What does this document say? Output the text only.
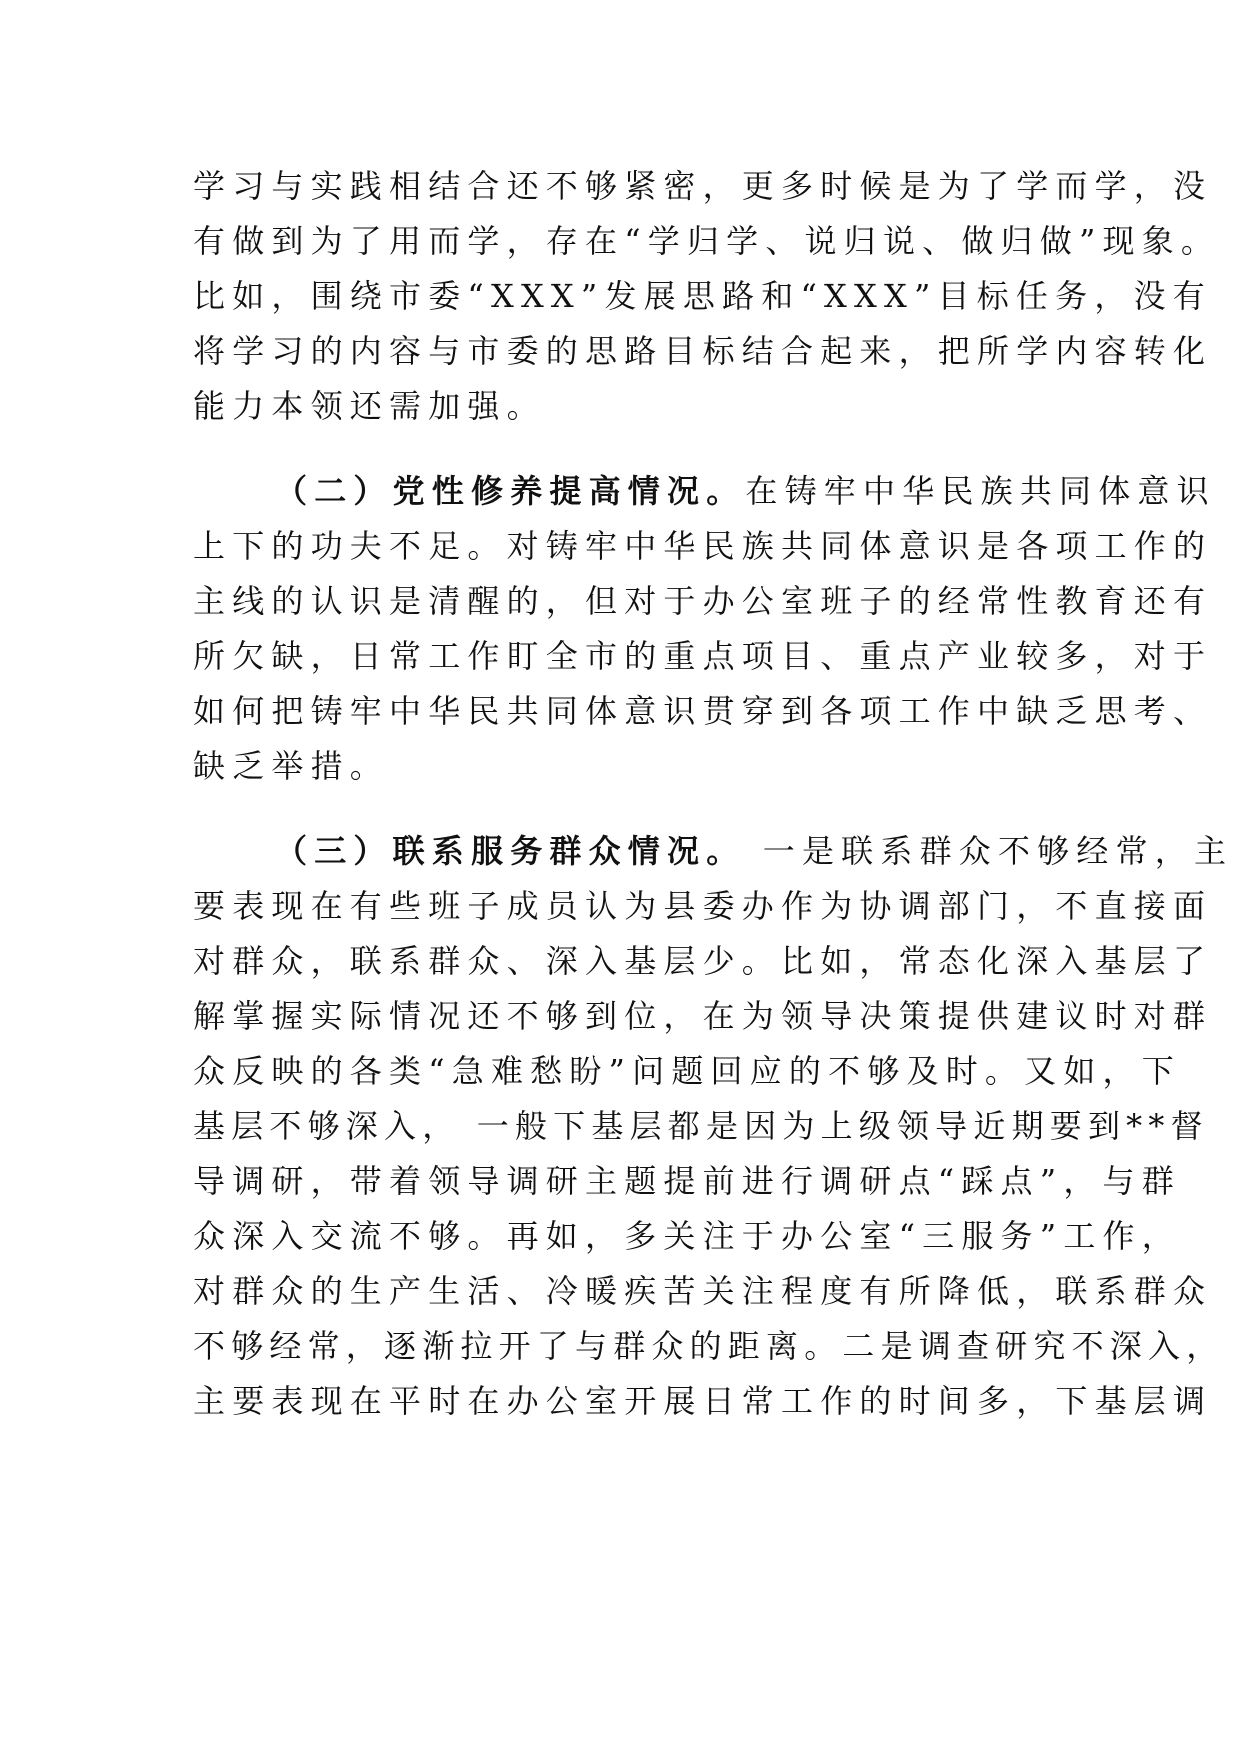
学习与实践相结合还不够紧密，更多时候是为了学而学，没
有做到为了用而学，存在“学归学、说归说、做归做”现象。
比如，围绕市委“XXX”发展思路和“XXX”目标任务，没有
将学习的内容与市委的思路目标结合起来，把所学内容转化
能力本领还需加强。
（二）党性修养提高情况。在铸牢中华民族共同体意识
上下的功夫不足。对铸牢中华民族共同体意识是各项工作的
主线的认识是清醒的，但对于办公室班子的经常性教育还有
所欠缺，日常工作盯全市的重点项目、重点产业较多，对于
如何把铸牢中华民共同体意识贯穿到各项工作中缺乏思考、
缺乏举措。
（三）联系服务群众情况。 一是联系群众不够经常，主
要表现在有些班子成员认为县委办作为协调部门，不直接面
对群众，联系群众、深入基层少。比如，常态化深入基层了
解掌握实际情况还不够到位，在为领导决策提供建议时对群
众反映的各类“急难愁盼”问题回应的不够及时。又如，下
基层不够深入， 一般下基层都是因为上级领导近期要到**督
导调研，带着领导调研主题提前进行调研点“踩点”，与群
众深入交流不够。再如，多关注于办公室“三服务”工作，
对群众的生产生活、冷暖疾苦关注程度有所降低，联系群众
不够经常，逐渐拉开了与群众的距离。二是调查研究不深入，
主要表现在平时在办公室开展日常工作的时间多，下基层调
